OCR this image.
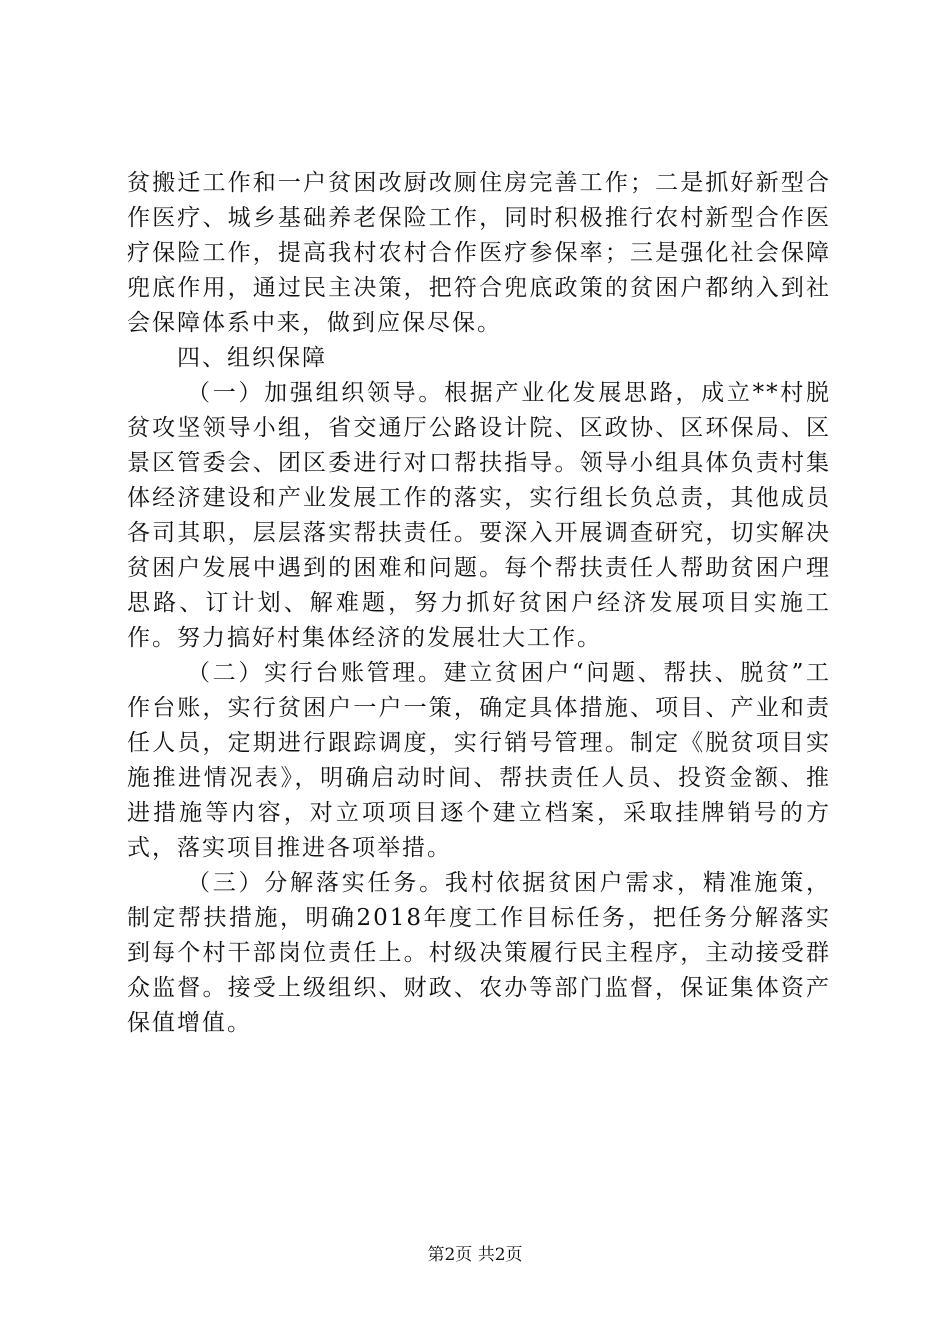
贫搬迁工作和一户贫困改厨改厕住房完善工作；二是抓好新型合作医疗、城乡基础养老保险工作，同时积极推行农村新型合作医疗保险工作，提高我村农村合作医疗参保率；三是强化社会保障兜底作用，通过民主决策，把符合兜底政策的贫困户都纳入到社会保障体系中来，做到应保尽保。

四、组织保障

（一）加强组织领导。根据产业化发展思路，成立**村脱贫攻坚领导小组，省交通厅公路设计院、区政协、区环保局、区景区管委会、团区委进行对口帮扶指导。领导小组具体负责村集体经济建设和产业发展工作的落实，实行组长负总责，其他成员各司其职，层层落实帮扶责任。要深入开展调查研究，切实解决贫困户发展中遇到的困难和问题。每个帮扶责任人帮助贫困户理思路、订计划、解难题，努力抓好贫困户经济发展项目实施工作。努力搞好村集体经济的发展壮大工作。

（二）实行台账管理。建立贫困户“问题、帮扶、脱贫”工作台账，实行贫困户一户一策，确定具体措施、项目、产业和责任人员，定期进行跟踪调度，实行销号管理。制定《脱贫项目实施推进情况表》，明确启动时间、帮扶责任人员、投资金额、推进措施等内容，对立项项目逐个建立档案，采取挂牌销号的方式，落实项目推进各项举措。

（三）分解落实任务。我村依据贫困户需求，精准施策，制定帮扶措施，明确2018年度工作目标任务，把任务分解落实到每个村干部岗位责任上。村级决策履行民主程序，主动接受群众监督。接受上级组织、财政、农办等部门监督，保证集体资产保值增值。

第2页 共2页
